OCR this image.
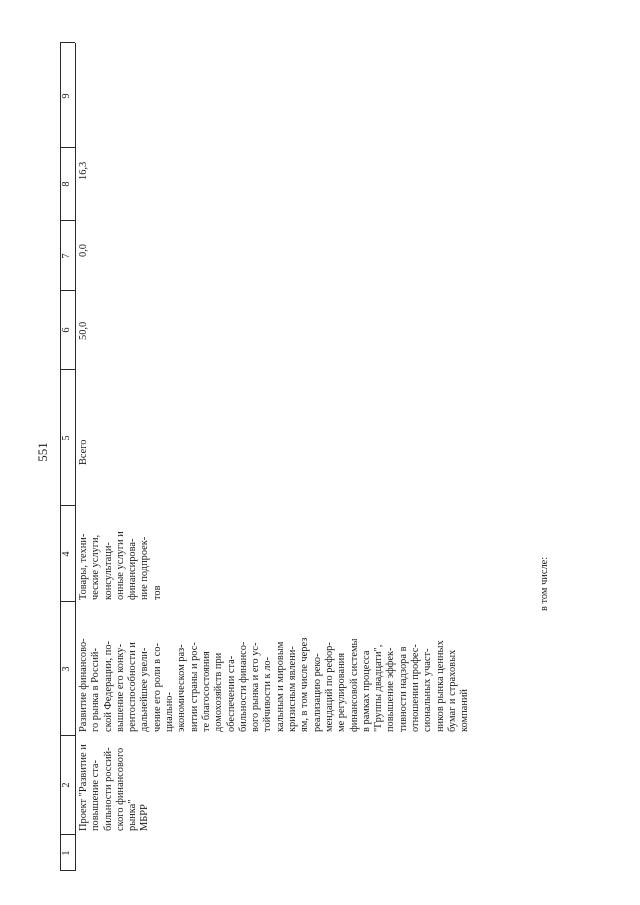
551
1
2
3
4
5
6
7
8
9
Проект "Развитие и
повышение ста-
бильности россий-
ского финансового
рынка"
МБРР
Развитие финансово-
го рынка в Россий-
ской Федерации, по-
вышение его конку-
рентоспособности и
дальнейшее увели-
чение его роли в со-
циально-
экономическом раз-
витии страны и рос-
те благосостояния
домохозяйств при
обеспечении ста-
бильности финансо-
вого рынка и его ус-
тойчивости к ло-
кальным и мировым
кризисным явлени-
ям, в том числе через
реализацию реко-
мендаций по рефор-
ме регулирования
финансовой системы
в рамках процесса
"Группы двадцати",
повышение эффек-
тивности надзора в
отношении профес-
сиональных участ-
ников рынка ценных
бумаг и страховых
компаний
Товары, техни-
ческие услуги,
консультаци-
онные услуги и
финансирова-
ние подпроек-
тов
Всего
50,0
0,0
16,3
в том числе:
